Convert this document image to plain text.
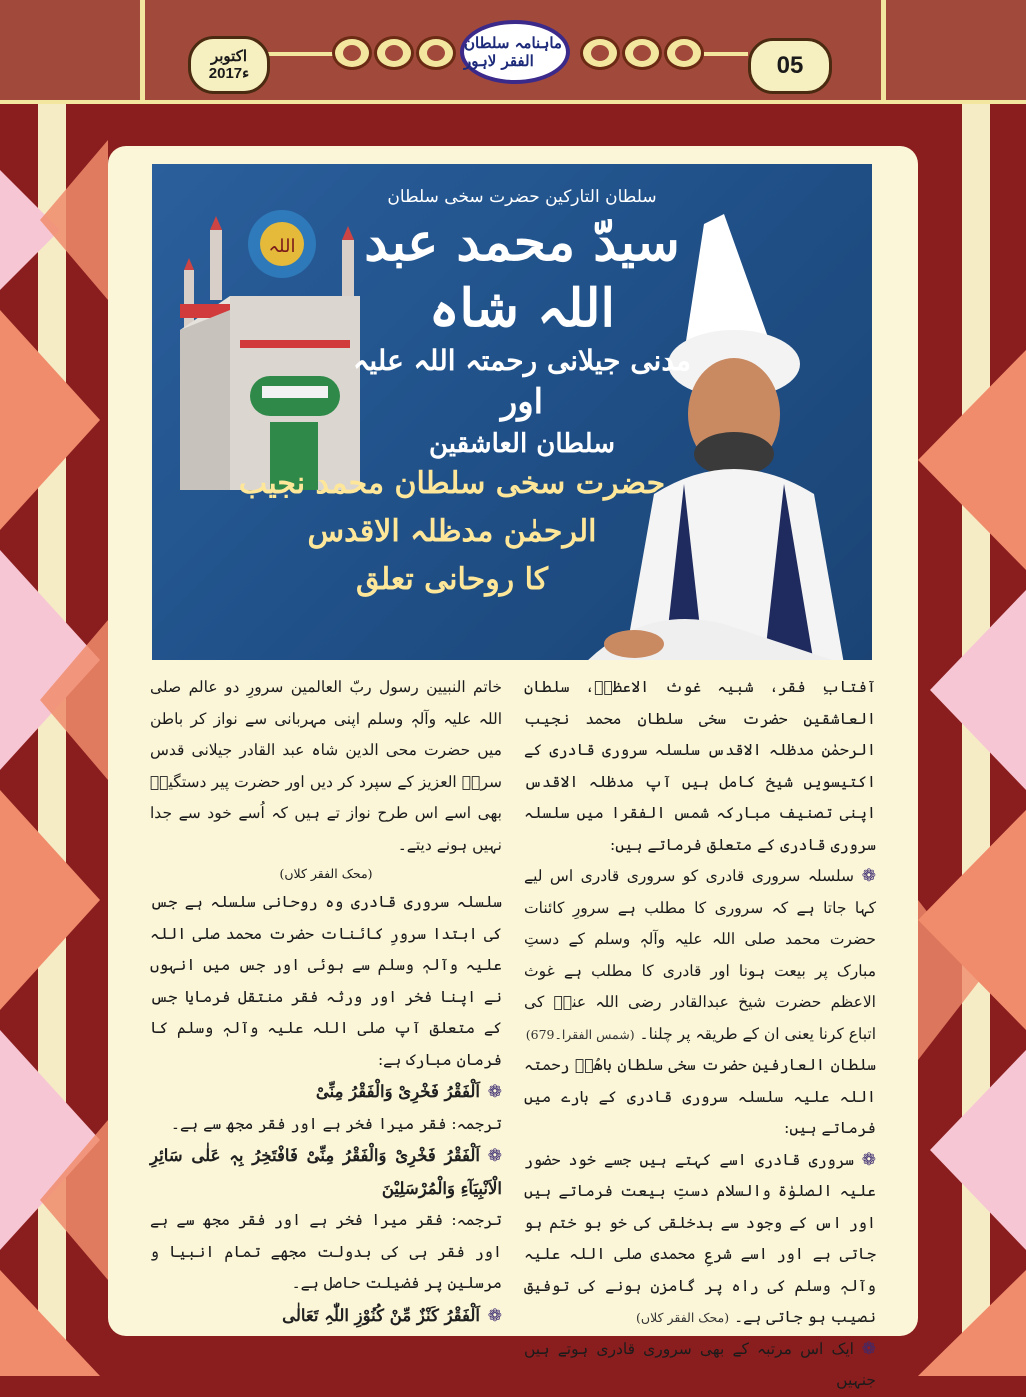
ماہنامہ سلطان الفقر لاہور
اکتوبر
2017ء	05
اللہ
سلطان التارکین حضرت سخی سلطان
سیدّ محمد عبد اللہ شاہ
مدنی جیلانی رحمتہ اللہ علیہ
اور
سلطان العاشقین
حضرت سخی سلطان محمد نجیب الرحمٰن مدظلہ الاقدس
کا روحانی تعلق

آفتابِ فقر، شبیہ غوث الاعظمؓ، سلطان العاشقین حضرت سخی سلطان محمد نجیب الرحمٰن مدظلہ الاقدس سلسلہ سروری قادری کے اکتیسویں شیخ کامل ہیں آپ مدظلہ الاقدس اپنی تصنیف مبارکہ شمس الفقرا میں سلسلہ سروری قادری کے متعلق فرماتے ہیں:

❁سلسلہ سروری قادری کو سروری قادری اس لیے کہا جاتا ہے کہ سروری کا مطلب ہے سرورِ کائنات حضرت محمد صلی اللہ علیہ وآلہٖ وسلم کے دستِ مبارک پر بیعت ہونا اور قادری کا مطلب ہے غوث الاعظم حضرت شیخ عبدالقادر رضی اللہ عنہٗ کی اتباع کرنا یعنی ان کے طریقہ پر چلنا۔ (شمس الفقرا۔679)

سلطان العارفین حضرت سخی سلطان باھُوؒ رحمتہ اللہ علیہ سلسلہ سروری قادری کے بارے میں فرماتے ہیں:

❁سروری قادری اسے کہتے ہیں جسے خود حضور علیہ الصلوٰۃ والسلام دستِ بیعت فرماتے ہیں اور اس کے وجود سے بدخلقی کی خو بو ختم ہو جاتی ہے اور اسے شرعِ محمدی صلی اللہ علیہ وآلہٖ وسلم کی راہ پر گامزن ہونے کی توفیق نصیب ہو جاتی ہے۔ (محک الفقر کلاں)

❁ایک اس مرتبہ کے بھی سروری قادری ہوتے ہیں جنہیں

خاتم النبیین رسول ربّ العالمین سرورِ دو عالم صلی اللہ علیہ وآلہٖ وسلم اپنی مہربانی سے نواز کر باطن میں حضرت محی الدین شاہ عبد القادر جیلانی قدس سرہٗ العزیز کے سپرد کر دیں اور حضرت پیر دستگیرؓ بھی اسے اس طرح نواز تے ہیں کہ اُسے خود سے جدا نہیں ہونے دیتے۔

(محک الفقر کلاں)

سلسلہ سروری قادری وہ روحانی سلسلہ ہے جس کی ابتدا سرورِ کائنات حضرت محمد صلی اللہ علیہ وآلہٖ وسلم سے ہوئی اور جس میں انہوں نے اپنا فخر اور ورثہ فقر منتقل فرمایا جس کے متعلق آپ صلی اللہ علیہ وآلہٖ وسلم کا فرمان مبارک ہے:

❁اَلْفَقْرُ فَخْرِیْ وَالْفَقْرُ مِنِّیْ

ترجمہ: فقر میرا فخر ہے اور فقر مجھ سے ہے۔

❁اَلْفَقْرُ فَخْرِیْ وَالْفَقْرُ مِنِّیْ فَافْتَخِرُ بِہٖ عَلٰی سَائِرِ الْاَنْبِیَآءِ وَالْمُرْسَلِیْنَ

ترجمہ: فقر میرا فخر ہے اور فقر مجھ سے ہے اور فقر ہی کی بدولت مجھے تمام انبیا و مرسلین پر فضیلت حاصل ہے۔

❁اَلْفَقْرُ کَنْزٌ مِّنْ کُنُوْزِ اللّٰہِ تَعَالٰی
